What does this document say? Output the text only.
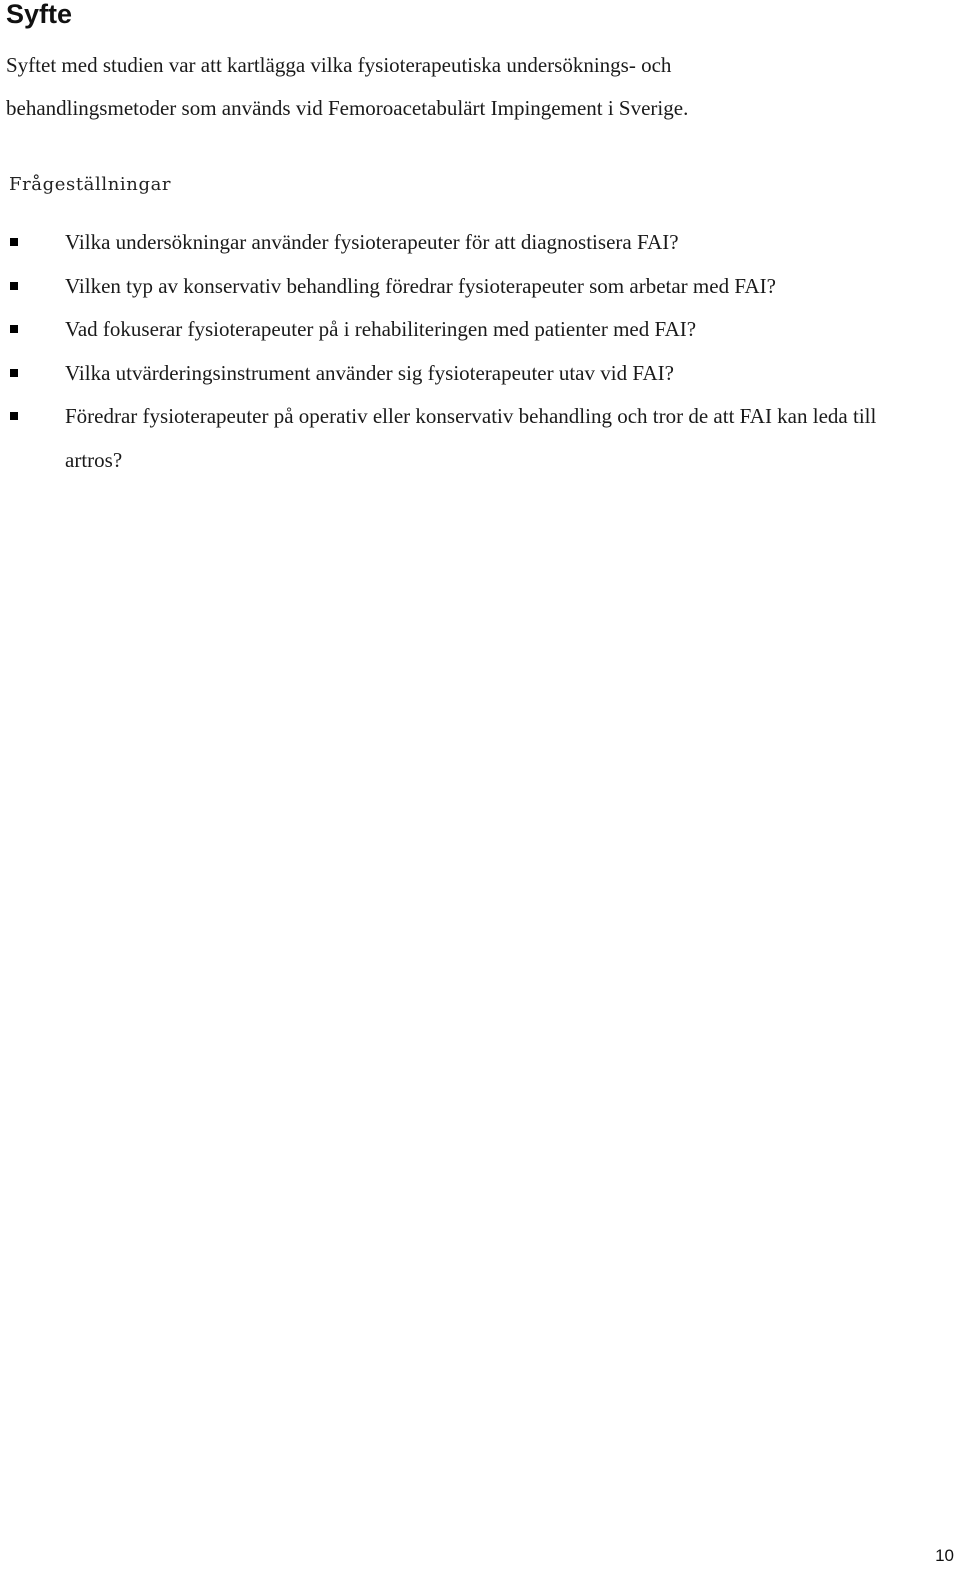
Syfte

Syftet med studien var att kartlägga vilka fysioterapeutiska undersöknings- och
behandlingsmetoder som används vid Femoroacetabulärt Impingement i Sverige.

Frågeställningar
Vilka undersökningar använder fysioterapeuter för att diagnostisera FAI?
Vilken typ av konservativ behandling föredrar fysioterapeuter som arbetar med FAI?
Vad fokuserar fysioterapeuter på i rehabiliteringen med patienter med FAI?
Vilka utvärderingsinstrument använder sig fysioterapeuter utav vid FAI?
Föredrar fysioterapeuter på operativ eller konservativ behandling och tror de att FAI kan leda till artros?
10
